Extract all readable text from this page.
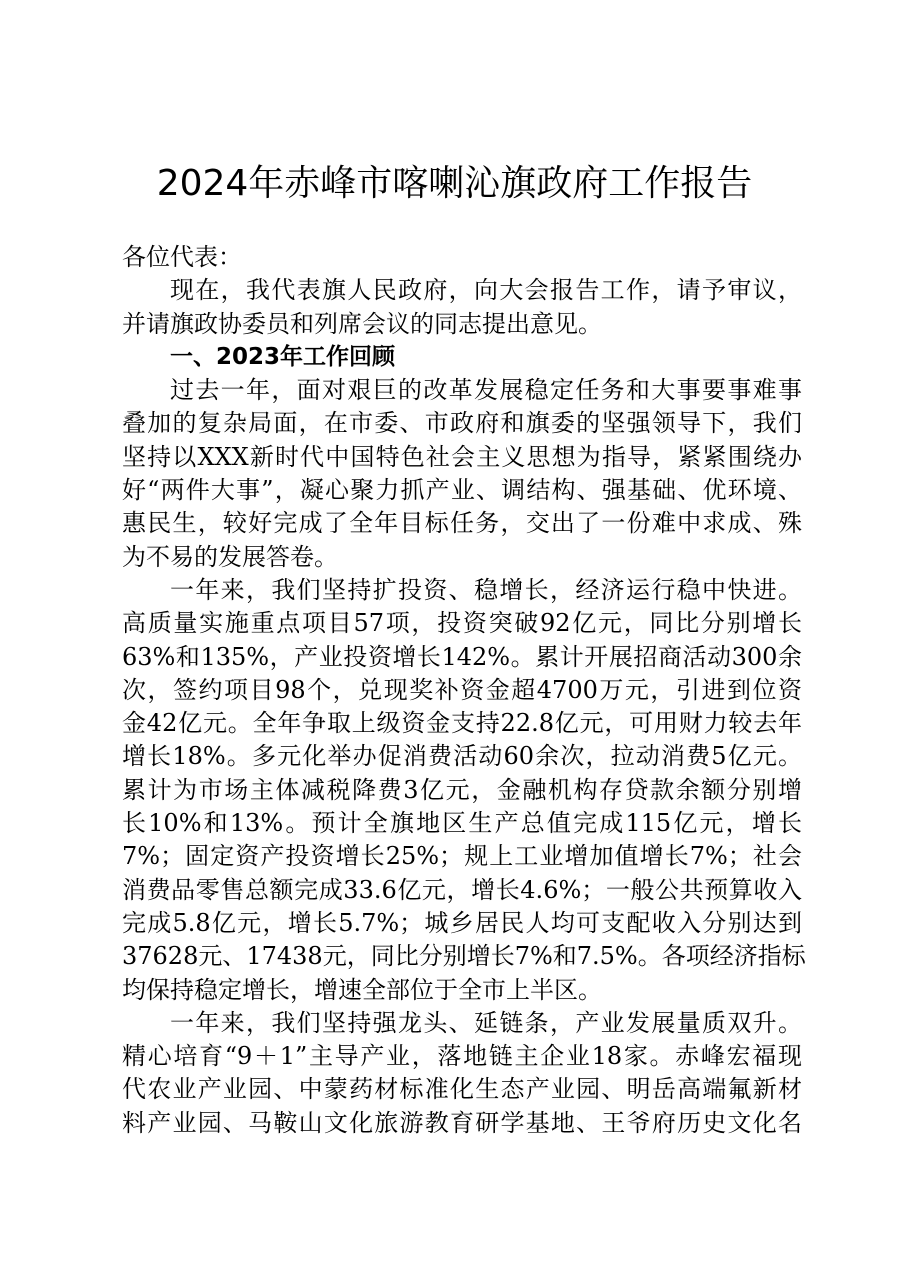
2024年赤峰市喀喇沁旗政府工作报告
各位代表：
现在，我代表旗人民政府，向大会报告工作，请予审议，
并请旗政协委员和列席会议的同志提出意见。
一、2023年工作回顾
过去一年，面对艰巨的改革发展稳定任务和大事要事难事
叠加的复杂局面，在市委、市政府和旗委的坚强领导下，我们
坚持以XXX新时代中国特色社会主义思想为指导，紧紧围绕办
好“两件大事”，凝心聚力抓产业、调结构、强基础、优环境、
惠民生，较好完成了全年目标任务，交出了一份难中求成、殊
为不易的发展答卷。
一年来，我们坚持扩投资、稳增长，经济运行稳中快进。
高质量实施重点项目57项，投资突破92亿元，同比分别增长
63%和135%，产业投资增长142%。累计开展招商活动300余
次，签约项目98个，兑现奖补资金超4700万元，引进到位资
金42亿元。全年争取上级资金支持22.8亿元，可用财力较去年
增长18%。多元化举办促消费活动60余次，拉动消费5亿元。
累计为市场主体减税降费3亿元，金融机构存贷款余额分别增
长10%和13%。预计全旗地区生产总值完成115亿元，增长
7%；固定资产投资增长25%；规上工业增加值增长7%；社会
消费品零售总额完成33.6亿元，增长4.6%；一般公共预算收入
完成5.8亿元，增长5.7%；城乡居民人均可支配收入分别达到
37628元、17438元，同比分别增长7%和7.5%。各项经济指标
均保持稳定增长，增速全部位于全市上半区。
一年来，我们坚持强龙头、延链条，产业发展量质双升。
精心培育“9＋1”主导产业，落地链主企业18家。赤峰宏福现
代农业产业园、中蒙药材标准化生态产业园、明岳高端氟新材
料产业园、马鞍山文化旅游教育研学基地、王爷府历史文化名
